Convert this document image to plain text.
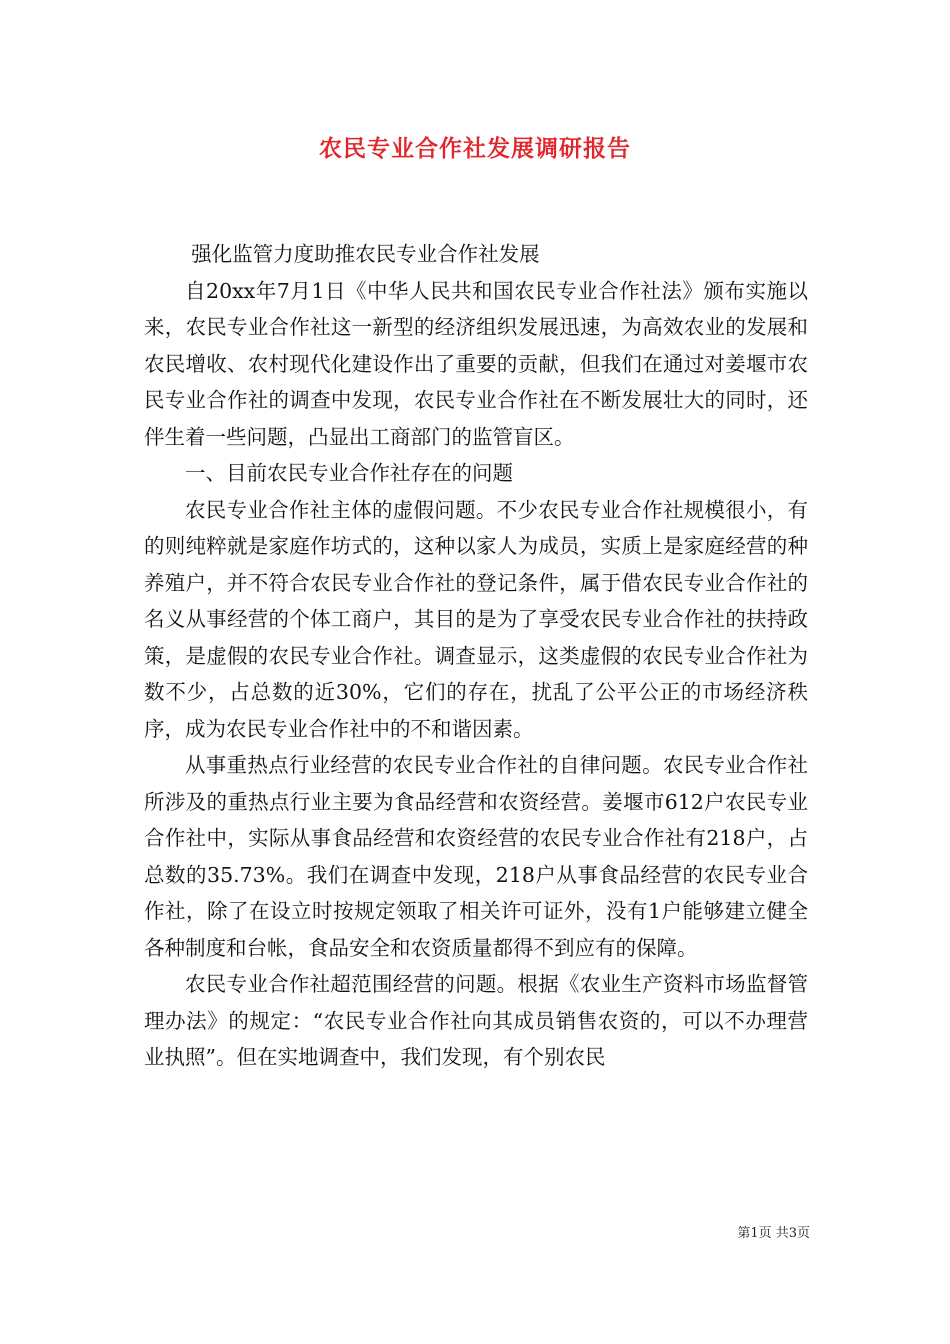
农民专业合作社发展调研报告

强化监管力度助推农民专业合作社发展

自20xx年7月1日《中华人民共和国农民专业合作社法》颁布实施以来，农民专业合作社这一新型的经济组织发展迅速，为高效农业的发展和农民增收、农村现代化建设作出了重要的贡献，但我们在通过对姜堰市农民专业合作社的调查中发现，农民专业合作社在不断发展壮大的同时，还伴生着一些问题，凸显出工商部门的监管盲区。

一、目前农民专业合作社存在的问题

农民专业合作社主体的虚假问题。不少农民专业合作社规模很小，有的则纯粹就是家庭作坊式的，这种以家人为成员，实质上是家庭经营的种养殖户，并不符合农民专业合作社的登记条件，属于借农民专业合作社的名义从事经营的个体工商户，其目的是为了享受农民专业合作社的扶持政策，是虚假的农民专业合作社。调查显示，这类虚假的农民专业合作社为数不少，占总数的近30%，它们的存在，扰乱了公平公正的市场经济秩序，成为农民专业合作社中的不和谐因素。

从事重热点行业经营的农民专业合作社的自律问题。农民专业合作社所涉及的重热点行业主要为食品经营和农资经营。姜堰市612户农民专业合作社中，实际从事食品经营和农资经营的农民专业合作社有218户，占总数的35.73%。我们在调查中发现，218户从事食品经营的农民专业合作社，除了在设立时按规定领取了相关许可证外，没有1户能够建立健全各种制度和台帐，食品安全和农资质量都得不到应有的保障。

农民专业合作社超范围经营的问题。根据《农业生产资料市场监督管理办法》的规定：“农民专业合作社向其成员销售农资的，可以不办理营业执照”。但在实地调查中，我们发现，有个别农民

第1页 共3页
